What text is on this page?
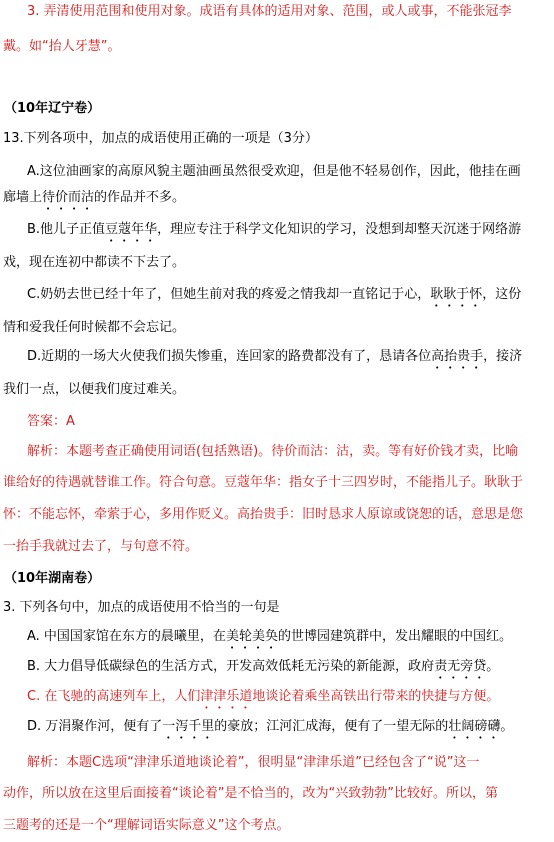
3. 弄清使用范围和使用对象。成语有具体的适用对象、范围，或人或事，不能张冠李
戴。如“抬人牙慧”。
（10年辽宁卷）
13.下列各项中，加点的成语使用正确的一项是（3分）
A.这位油画家的高原风貌主题油画虽然很受欢迎，但是他不轻易创作，因此，他挂在画
廊墙上待价而沽的作品并不多。
B.他儿子正值豆蔻年华，理应专注于科学文化知识的学习，没想到却整天沉迷于网络游
戏，现在连初中都读不下去了。
C.奶奶去世已经十年了，但她生前对我的疼爱之情我却一直铭记于心，耿耿于怀，这份
情和爱我任何时候都不会忘记。
D.近期的一场大火使我们损失惨重，连回家的路费都没有了，恳请各位高抬贵手，接济
我们一点，以便我们度过难关。
答案：A
解析：本题考查正确使用词语(包括熟语)。待价而沽：沽，卖。等有好价钱才卖，比喻
谁给好的待遇就替谁工作。符合句意。豆蔻年华：指女子十三四岁时，不能指儿子。耿耿于
怀：不能忘怀，牵萦于心，多用作贬义。高抬贵手：旧时恳求人原谅或饶恕的话，意思是您
一抬手我就过去了，与句意不符。
（10年湖南卷）
3. 下列各句中，加点的成语使用不恰当的一句是
A. 中国国家馆在东方的晨曦里，在美轮美奂的世博园建筑群中，发出耀眼的中国红。
B. 大力倡导低碳绿色的生活方式，开发高效低耗无污染的新能源，政府责无旁贷。
C. 在飞驰的高速列车上，人们津津乐道地谈论着乘坐高铁出行带来的快捷与方便。
D. 万涓聚作河，便有了一泻千里的豪放；江河汇成海，便有了一望无际的壮阔磅礴。
解析：本题C选项“津津乐道地谈论着”，很明显“津津乐道”已经包含了“说”这一
动作，所以放在这里后面接着“谈论着”是不恰当的，改为“兴致勃勃”比较好。所以，第
三题考的还是一个“理解词语实际意义”这个考点。
